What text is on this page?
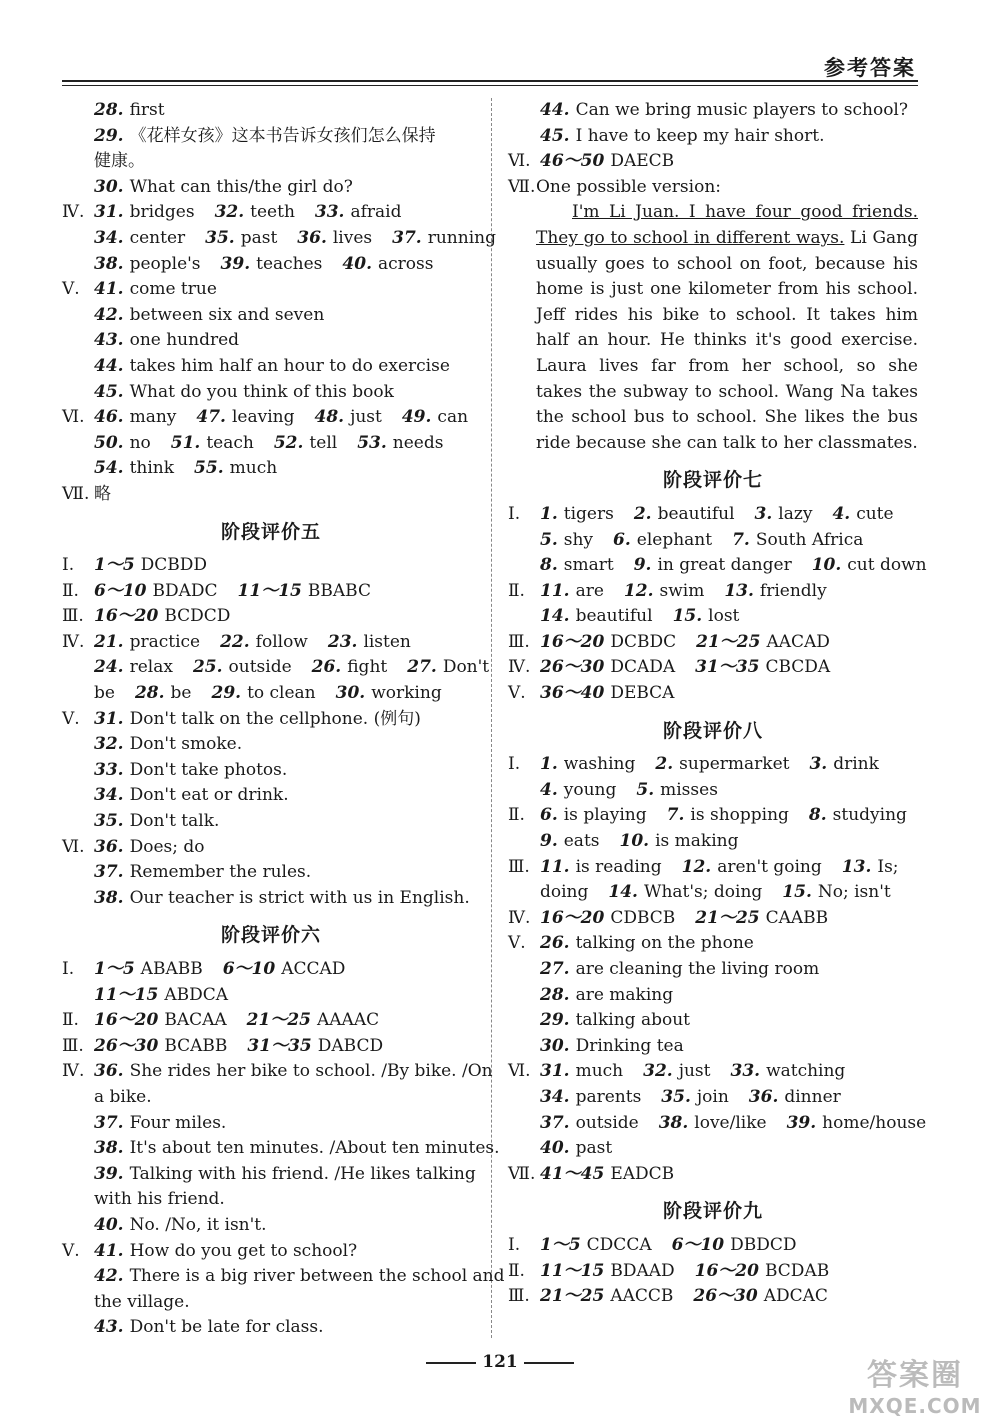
参考答案
28. first
29. 《花样女孩》这本书告诉女孩们怎么保持
健康。
30. What can this/the girl do?
Ⅳ. 31. bridges 32. teeth 33. afraid
34. center 35. past 36. lives 37. running
38. people's 39. teaches 40. across
Ⅴ. 41. come true
42. between six and seven
43. one hundred
44. takes him half an hour to do exercise
45. What do you think of this book
Ⅵ. 46. many 47. leaving 48. just 49. can
50. no 51. teach 52. tell 53. needs
54. think 55. much
Ⅶ. 略
阶段评价五
Ⅰ.	1～5 DCBDD
Ⅱ. 6～10 BDADC 11～15 BBABC
Ⅲ. 16～20 BCDCD
Ⅳ. 21. practice 22. follow 23. listen
24. relax 25. outside 26. fight 27. Don't
be 28. be 29. to clean 30. working
Ⅴ. 31. Don't talk on the cellphone. (例句)
32. Don't smoke.
33. Don't take photos.
34. Don't eat or drink.
35. Don't talk.
Ⅵ. 36. Does; do
37. Remember the rules.
38. Our teacher is strict with us in English.
阶段评价六
Ⅰ.	1～5 ABABB 6～10 ACCAD
11～15 ABDCA
Ⅱ. 16～20 BACAA 21～25 AAAAC
Ⅲ. 26～30 BCABB 31～35 DABCD
Ⅳ. 36. She rides her bike to school. /By bike. /On
a bike.
37. Four miles.
38. It's about ten minutes. /About ten minutes.
39. Talking with his friend. /He likes talking
with his friend.
40. No. /No, it isn't.
Ⅴ. 41. How do you get to school?
42. There is a big river between the school and
the village.
43. Don't be late for class.
44. Can we bring music players to school?
45. I have to keep my hair short.
Ⅵ. 46～50 DAECB
Ⅶ. One possible version:
I'm Li Juan. I have four good friends. They go to school in different ways. Li Gang usually goes to school on foot, because his home is just one kilometer from his school. Jeff rides his bike to school. It takes him half an hour. He thinks it's good exercise. Laura lives far from her school, so she takes the subway to school. Wang Na takes the school bus to school. She likes the bus ride because she can talk to her classmates.
阶段评价七
Ⅰ.	1. tigers 2. beautiful 3. lazy 4. cute
5. shy 6. elephant 7. South Africa
8. smart 9. in great danger 10. cut down
Ⅱ. 11. are 12. swim 13. friendly
14. beautiful 15. lost
Ⅲ. 16～20 DCBDC 21～25 AACAD
Ⅳ. 26～30 DCADA 31～35 CBCDA
Ⅴ. 36～40 DEBCA
阶段评价八
Ⅰ.	1. washing 2. supermarket 3. drink
4. young 5. misses
Ⅱ. 6. is playing 7. is shopping 8. studying
9. eats 10. is making
Ⅲ. 11. is reading 12. aren't going 13. Is;
doing 14. What's; doing 15. No; isn't
Ⅳ. 16～20 CDBCB 21～25 CAABB
Ⅴ. 26. talking on the phone
27. are cleaning the living room
28. are making
29. talking about
30. Drinking tea
Ⅵ. 31. much 32. just 33. watching
34. parents 35. join 36. dinner
37. outside 38. love/like 39. home/house
40. past
Ⅶ. 41～45 EADCB
阶段评价九
Ⅰ.	1～5 CDCCA 6～10 DBDCD
Ⅱ. 11～15 BDAAD 16～20 BCDAB
Ⅲ. 21～25 AACCB 26～30 ADCAC
121	答案圈
MXQE.COM
